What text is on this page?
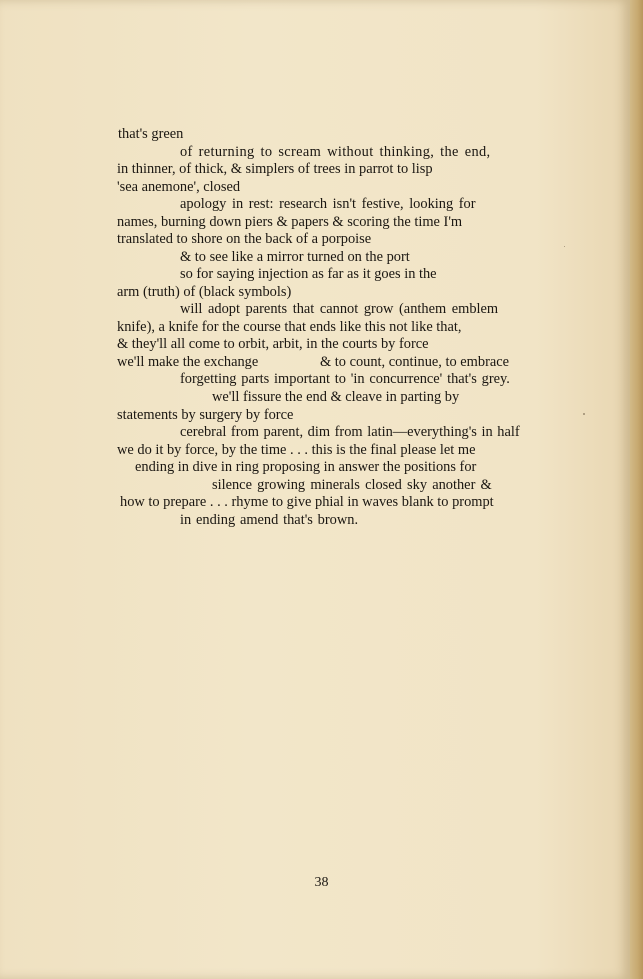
that's green
of returning to scream without thinking, the end,
in thinner, of thick, & simplers of trees in parrot to lisp
'sea anemone', closed
apology in rest: research isn't festive, looking for
names, burning down piers & papers & scoring the time I'm
translated to shore on the back of a porpoise
& to see like a mirror turned on the port
so for saying injection as far as it goes in the
arm (truth) of (black symbols)
will adopt parents that cannot grow (anthem emblem
knife), a knife for the course that ends like this not like that,
& they'll all come to orbit, arbit, in the courts by force
we'll make the exchange	& to count, continue, to embrace
forgetting parts important to 'in concurrence' that's grey.
we'll fissure the end & cleave in parting by
statements by surgery by force
cerebral from parent, dim from latin—everything's in half
we do it by force, by the time . . . this is the final please let me
ending in dive in ring proposing in answer the positions for
silence growing minerals closed sky another &
how to prepare . . . rhyme to give phial in waves blank to prompt
in ending amend that's brown.
38
